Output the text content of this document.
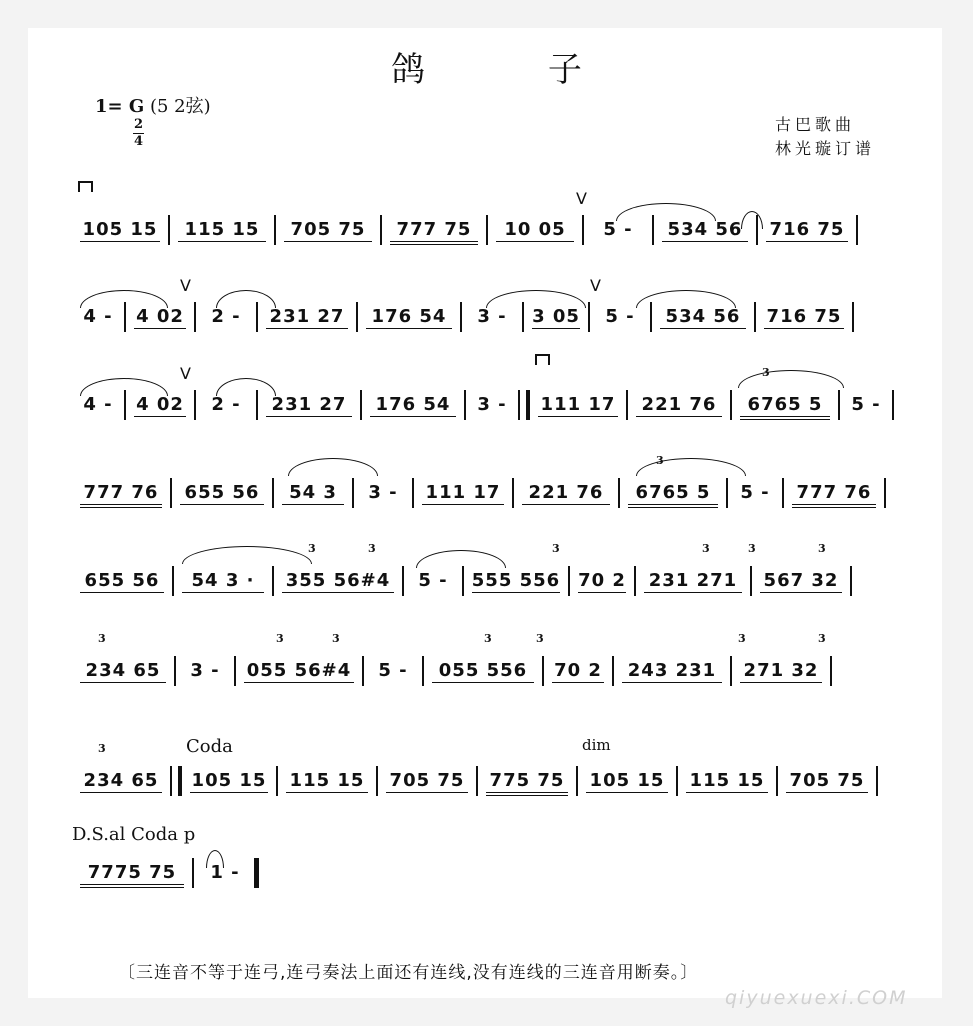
鸽 子
1= G (5 2弦)
2
4
古巴歌曲
林光璇订谱
105 15 115 15 705 75 777 75 10 05 5 - 534 56 716 75
V
4 - 4 02 2 - 231 27 176 54 3 - 3 05 5 - 534 56 716 75
V	V
4 - 4 02 2 - 231 27 176 54 3 - 111 17 221 76 6765 5 5 -
3
V
777 76 655 56 54 3 3 - 111 17 221 76 6765 5 5 - 777 76
3
655 56 54 3 · 355 56#4 5 - 555 556 70 2 231 271 567 32
3	3	3	3	3	3
234 65 3 - 055 56#4 5 - 055 556 70 2 243 231 271 32
3	3	3	3	3	3	3
234 65 105 15 115 15 705 75 775 75 105 15 115 15 705 75
3	Coda	dim
D.S.al Coda p
7775 75 1 -
〔三连音不等于连弓,连弓奏法上面还有连线,没有连线的三连音用断奏。〕
qiyuexuexi.COM
